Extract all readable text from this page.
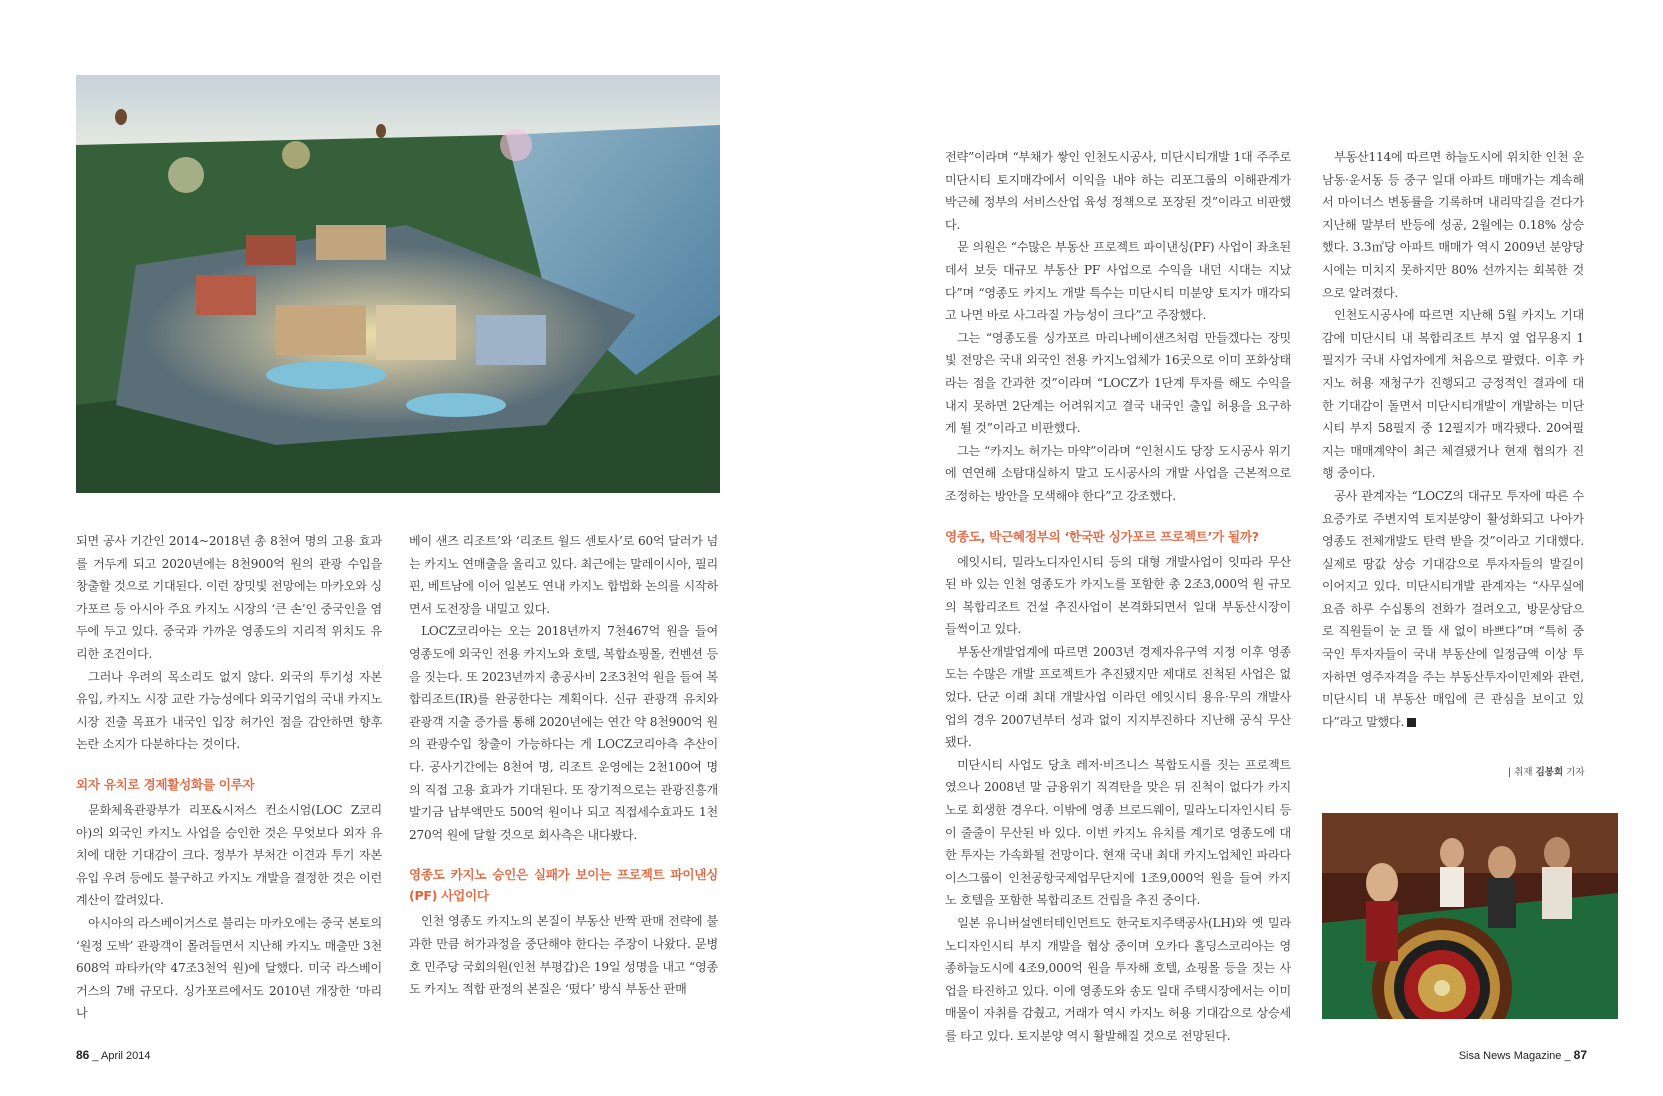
되면 공사 기간인 2014~2018년 총 8천여 명의 고용 효과를 거두게 되고 2020년에는 8천900억 원의 관광 수입을 창출할 것으로 기대된다. 이런 장밋빛 전망에는 마카오와 싱가포르 등 아시아 주요 카지노 시장의 ‘큰 손’인 중국인을 염두에 두고 있다. 중국과 가까운 영종도의 지리적 위치도 유리한 조건이다.

그러나 우려의 목소리도 없지 않다. 외국의 투기성 자본 유입, 카지노 시장 교란 가능성에다 외국기업의 국내 카지노 시장 진출 목표가 내국인 입장 허가인 점을 감안하면 향후 논란 소지가 다분하다는 것이다.

외자 유치로 경제활성화를 이루자

문화체육관광부가 리포&시저스 컨소시엄(LOC Z코리아)의 외국인 카지노 사업을 승인한 것은 무엇보다 외자 유치에 대한 기대감이 크다. 정부가 부처간 이견과 투기 자본 유입 우려 등에도 불구하고 카지노 개발을 결정한 것은 이런 계산이 깔려있다.

아시아의 라스베이거스로 불리는 마카오에는 중국 본토의 ‘원정 도박’ 관광객이 몰려들면서 지난해 카지노 매출만 3천608억 파타카(약 47조3천억 원)에 달했다. 미국 라스베이거스의 7배 규모다. 싱가포르에서도 2010년 개장한 ‘마리나

베이 샌즈 리조트’와 ‘리조트 월드 센토사’로 60억 달러가 넘는 카지노 연매출을 올리고 있다. 최근에는 말레이시아, 필리핀, 베트남에 이어 일본도 연내 카지노 합법화 논의를 시작하면서 도전장을 내밀고 있다.

LOCZ코리아는 오는 2018년까지 7천467억 원을 들여 영종도에 외국인 전용 카지노와 호텔, 복합쇼핑몰, 컨벤션 등을 짓는다. 또 2023년까지 총공사비 2조3천억 원을 들여 복합리조트(IR)를 완공한다는 계획이다. 신규 관광객 유치와 관광객 지출 증가를 통해 2020년에는 연간 약 8천900억 원의 관광수입 창출이 가능하다는 게 LOCZ코리아측 추산이다. 공사기간에는 8천여 명, 리조트 운영에는 2천100여 명의 직접 고용 효과가 기대된다. 또 장기적으로는 관광진흥개발기금 납부액만도 500억 원이나 되고 직접세수효과도 1천270억 원에 달할 것으로 회사측은 내다봤다.

영종도 카지노 승인은 실패가 보이는 프로젝트 파이낸싱(PF) 사업이다

인천 영종도 카지노의 본질이 부동산 반짝 판매 전략에 불과한 만큼 허가과정을 중단해야 한다는 주장이 나왔다. 문병호 민주당 국회의원(인천 부평갑)은 19일 성명을 내고 “영종도 카지노 적합 판정의 본질은 ‘떴다’ 방식 부동산 판매

전략”이라며 “부채가 쌓인 인천도시공사, 미단시티개발 1대 주주로 미단시티 토지매각에서 이익을 내야 하는 리포그룹의 이해관계가 박근혜 정부의 서비스산업 육성 정책으로 포장된 것”이라고 비판했다.

문 의원은 “수많은 부동산 프로젝트 파이낸싱(PF) 사업이 좌초된 데서 보듯 대규모 부동산 PF 사업으로 수익을 내던 시대는 지났다”며 “영종도 카지노 개발 특수는 미단시티 미분양 토지가 매각되고 나면 바로 사그라질 가능성이 크다”고 주장했다.

그는 “영종도를 싱가포르 마리나베이샌즈처럼 만들겠다는 장밋빛 전망은 국내 외국인 전용 카지노업체가 16곳으로 이미 포화상태라는 점을 간과한 것”이라며 “LOCZ가 1단계 투자를 해도 수익을 내지 못하면 2단계는 어려워지고 결국 내국인 출입 허용을 요구하게 될 것”이라고 비판했다.

그는 “카지노 허가는 마약”이라며 “인천시도 당장 도시공사 위기에 연연해 소탐대실하지 말고 도시공사의 개발 사업을 근본적으로 조정하는 방안을 모색해야 한다”고 강조했다.

영종도, 박근혜정부의 ‘한국판 싱가포르 프로젝트’가 될까?

에잇시티, 밀라노디자인시티 등의 대형 개발사업이 잇따라 무산된 바 있는 인천 영종도가 카지노를 포함한 총 2조3,000억 원 규모의 복합리조트 건설 추진사업이 본격화되면서 일대 부동산시장이 들썩이고 있다.

부동산개발업계에 따르면 2003년 경제자유구역 지정 이후 영종도는 수많은 개발 프로젝트가 추진됐지만 제대로 진척된 사업은 없었다. 단군 이래 최대 개발사업 이라던 에잇시티 용유·무의 개발사업의 경우 2007년부터 성과 없이 지지부진하다 지난해 공식 무산됐다.

미단시티 사업도 당초 레저·비즈니스 복합도시를 짓는 프로젝트였으나 2008년 말 금융위기 직격탄을 맞은 뒤 진척이 없다가 카지노로 회생한 경우다. 이밖에 영종 브로드웨이, 밀라노디자인시티 등이 줄줄이 무산된 바 있다. 이번 카지노 유치를 계기로 영종도에 대한 투자는 가속화될 전망이다. 현재 국내 최대 카지노업체인 파라다이스그룹이 인천공항국제업무단지에 1조9,000억 원을 들여 카지노 호텔을 포함한 복합리조트 건립을 추진 중이다.

일본 유니버설엔터테인먼트도 한국토지주택공사(LH)와 옛 밀라노디자인시티 부지 개발을 협상 중이며 오카다 홀딩스코리아는 영종하늘도시에 4조9,000억 원을 투자해 호텔, 쇼핑몰 등을 짓는 사업을 타진하고 있다. 이에 영종도와 송도 일대 주택시장에서는 이미 매물이 자취를 감췄고, 거래가 역시 카지노 허용 기대감으로 상승세를 타고 있다. 토지분양 역시 활발해질 것으로 전망된다.

부동산114에 따르면 하늘도시에 위치한 인천 운남동·운서동 등 중구 일대 아파트 매매가는 계속해서 마이너스 변동률을 기록하며 내리막길을 걷다가 지난해 말부터 반등에 성공, 2월에는 0.18% 상승했다. 3.3㎡당 아파트 매매가 역시 2009년 분양당시에는 미치지 못하지만 80% 선까지는 회복한 것으로 알려졌다.

인천도시공사에 따르면 지난해 5월 카지노 기대감에 미단시티 내 복합리조트 부지 옆 업무용지 1필지가 국내 사업자에게 처음으로 팔렸다. 이후 카지노 허용 재청구가 진행되고 긍정적인 결과에 대한 기대감이 돌면서 미단시티개발이 개발하는 미단시티 부지 58필지 중 12필지가 매각됐다. 20여필지는 매매계약이 최근 체결됐거나 현재 협의가 진행 중이다.

공사 관계자는 “LOCZ의 대규모 투자에 따른 수요증가로 주변지역 토지분양이 활성화되고 나아가 영종도 전체개발도 탄력 받을 것”이라고 기대했다. 실제로 땅값 상승 기대감으로 투자자들의 발길이 이어지고 있다. 미단시티개발 관계자는 “사무실에 요즘 하루 수십통의 전화가 걸려오고, 방문상담으로 직원들이 눈 코 뜰 새 없이 바쁘다”며 “특히 중국인 투자자들이 국내 부동산에 일정금액 이상 투자하면 영주자격을 주는 부동산투자이민제와 관련, 미단시티 내 부동산 매입에 큰 관심을 보이고 있다”라고 말했다. S

| 취재 김봉희 기자
86 _ April 2014	Sisa News Magazine _ 87
